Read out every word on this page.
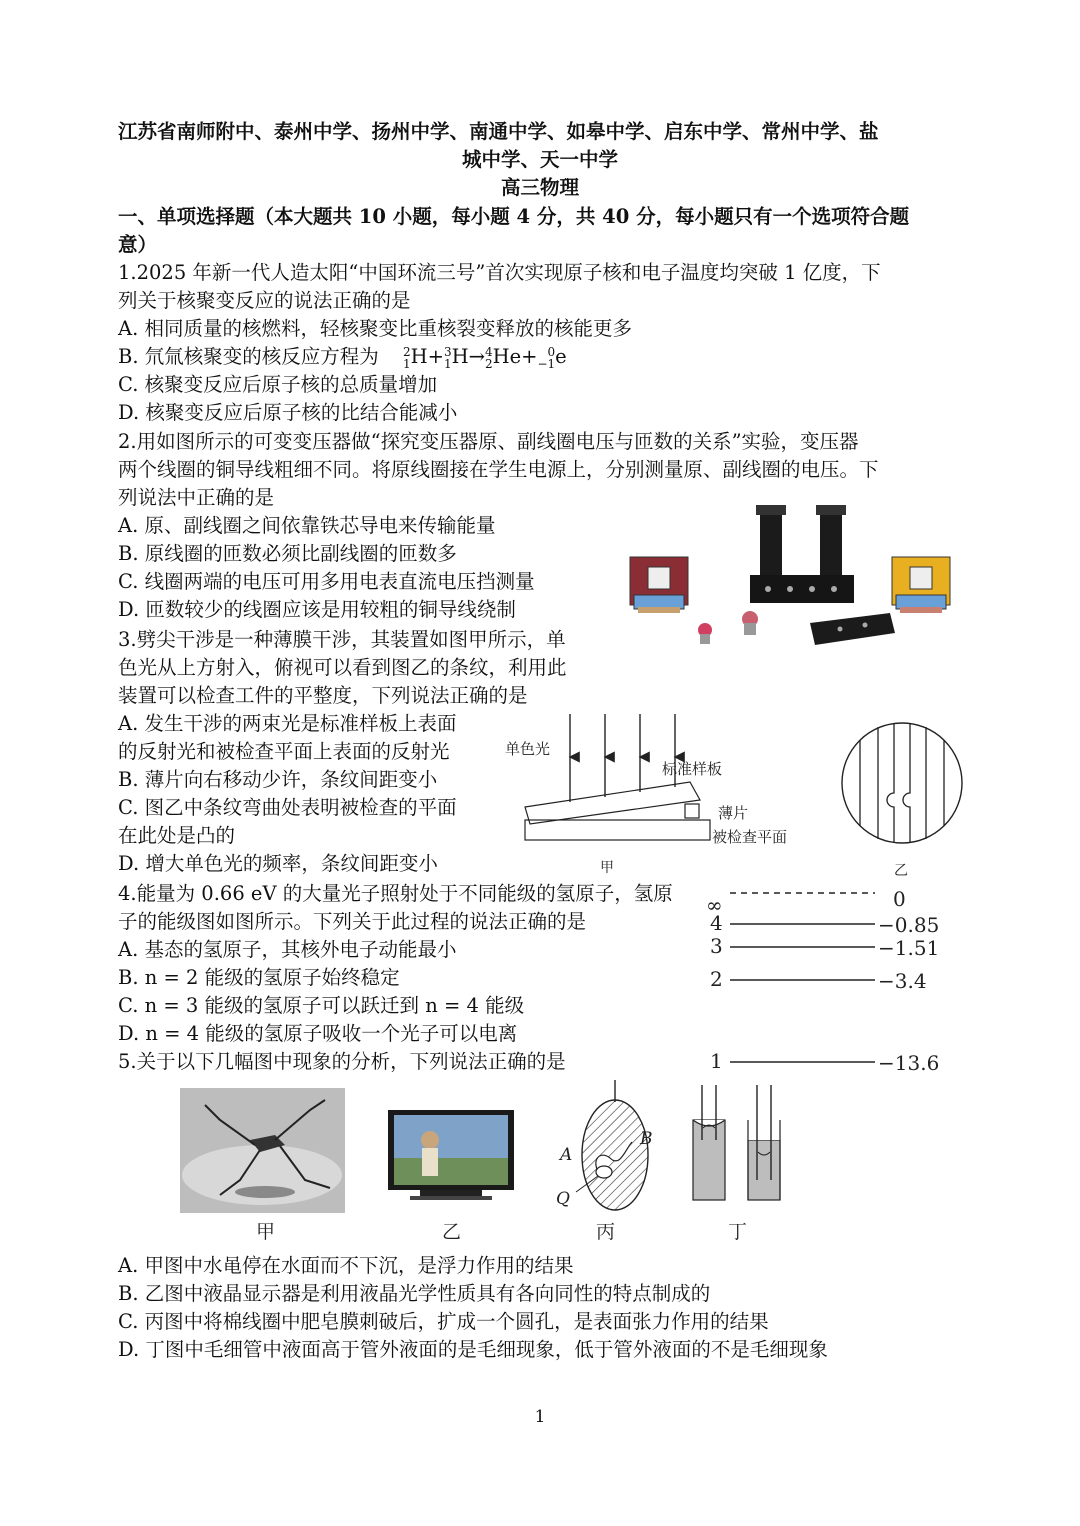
江苏省南师附中、泰州中学、扬州中学、南通中学、如皋中学、启东中学、常州中学、盐
城中学、天一中学
高三物理
一、单项选择题（本大题共 10 小题，每小题 4 分，共 40 分，每小题只有一个选项符合题
意）
1.2025 年新一代人造太阳“中国环流三号”首次实现原子核和电子温度均突破 1 亿度，下
列关于核聚变反应的说法正确的是
A. 相同质量的核燃料，轻核聚变比重核裂变释放的核能更多
B. 氘氚核聚变的核反应方程为 2
1H+3
1H→4
2He+ 0
−1e
C. 核聚变反应后原子核的总质量增加
D. 核聚变反应后原子核的比结合能减小
2.用如图所示的可变变压器做“探究变压器原、副线圈电压与匝数的关系”实验，变压器
两个线圈的铜导线粗细不同。将原线圈接在学生电源上，分别测量原、副线圈的电压。下
列说法中正确的是
A. 原、副线圈之间依靠铁芯导电来传输能量
B. 原线圈的匝数必须比副线圈的匝数多
C. 线圈两端的电压可用多用电表直流电压挡测量
D. 匝数较少的线圈应该是用较粗的铜导线绕制
3.劈尖干涉是一种薄膜干涉，其装置如图甲所示，单
色光从上方射入，俯视可以看到图乙的条纹，利用此
装置可以检查工件的平整度，下列说法正确的是
A. 发生干涉的两束光是标准样板上表面
的反射光和被检查平面上表面的反射光
B. 薄片向右移动少许，条纹间距变小
C. 图乙中条纹弯曲处表明被检查的平面
在此处是凸的
D. 增大单色光的频率，条纹间距变小
单色光
标准样板
薄片
被检查平面
甲	乙
4.能量为 0.66 eV 的大量光子照射处于不同能级的氢原子，氢原
子的能级图如图所示。下列关于此过程的说法正确的是
A. 基态的氢原子，其核外电子动能最小
B. n = 2 能级的氢原子始终稳定
C. n = 3 能级的氢原子可以跃迁到 n = 4 能级
D. n = 4 能级的氢原子吸收一个光子可以电离
∞	0
4	−0.85
3	−1.51
2	−3.4
1	−13.6
5.关于以下几幅图中现象的分析，下列说法正确的是
甲	乙
A
B
Q
丙	丁
A. 甲图中水黾停在水面而不下沉，是浮力作用的结果
B. 乙图中液晶显示器是利用液晶光学性质具有各向同性的特点制成的
C. 丙图中将棉线圈中肥皂膜刺破后，扩成一个圆孔，是表面张力作用的结果
D. 丁图中毛细管中液面高于管外液面的是毛细现象，低于管外液面的不是毛细现象
1
